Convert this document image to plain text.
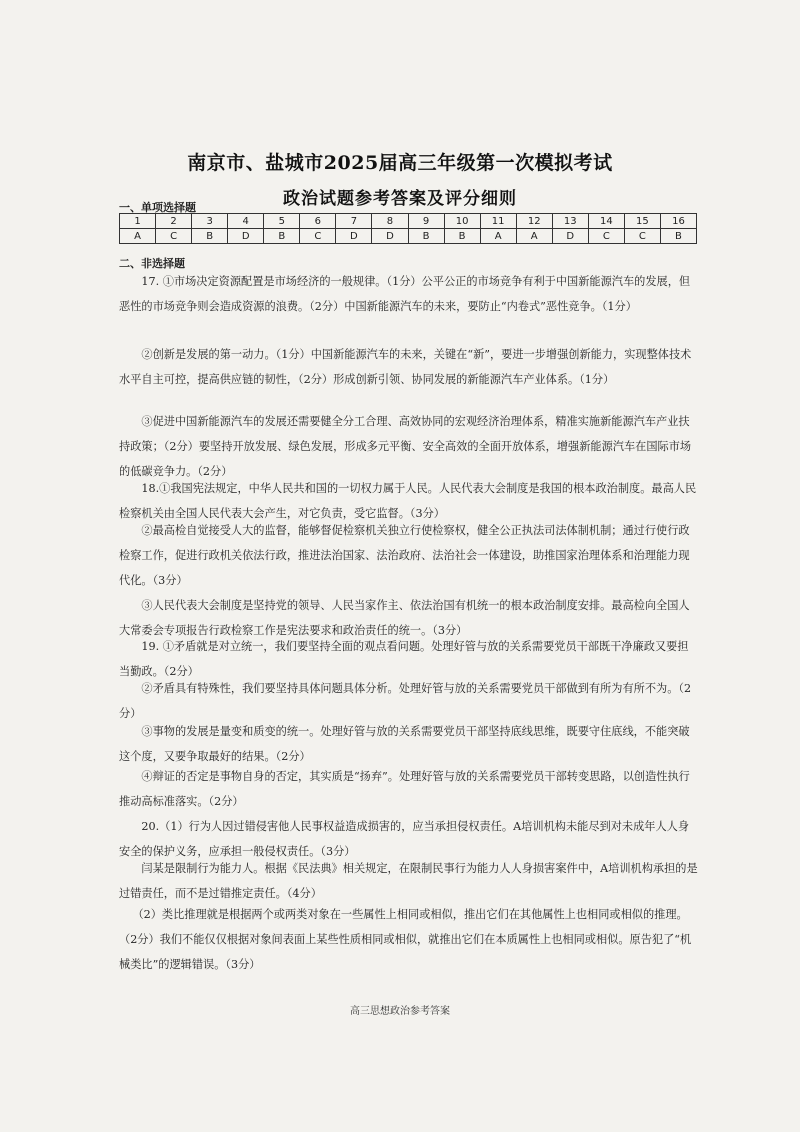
南京市、盐城市2025届高三年级第一次模拟考试
政治试题参考答案及评分细则
一、单项选择题
1	2	3	4	5	6	7	8	9	10	11	12	13	14	15	16
A	C	B	D	B	C	D	D	B	B	A	A	D	C	C	B
二、非选择题
17. ①市场决定资源配置是市场经济的一般规律。（1分）公平公正的市场竞争有利于中国新能源汽车的发展，但恶性的市场竞争则会造成资源的浪费。（2分）中国新能源汽车的未来，要防止“内卷式”恶性竞争。（1分）
②创新是发展的第一动力。（1分）中国新能源汽车的未来，关键在“新”，要进一步增强创新能力，实现整体技术水平自主可控，提高供应链的韧性，（2分）形成创新引领、协同发展的新能源汽车产业体系。（1分）
③促进中国新能源汽车的发展还需要健全分工合理、高效协同的宏观经济治理体系，精准实施新能源汽车产业扶持政策；（2分）要坚持开放发展、绿色发展，形成多元平衡、安全高效的全面开放体系，增强新能源汽车在国际市场的低碳竞争力。（2分）
18.①我国宪法规定，中华人民共和国的一切权力属于人民。人民代表大会制度是我国的根本政治制度。最高人民检察机关由全国人民代表大会产生，对它负责，受它监督。（3分）
②最高检自觉接受人大的监督，能够督促检察机关独立行使检察权，健全公正执法司法体制机制；通过行使行政检察工作，促进行政机关依法行政，推进法治国家、法治政府、法治社会一体建设，助推国家治理体系和治理能力现代化。（3分）
③人民代表大会制度是坚持党的领导、人民当家作主、依法治国有机统一的根本政治制度安排。最高检向全国人大常委会专项报告行政检察工作是宪法要求和政治责任的统一。（3分）
19. ①矛盾就是对立统一，我们要坚持全面的观点看问题。处理好管与放的关系需要党员干部既干净廉政又要担当勤政。（2分）
②矛盾具有特殊性，我们要坚持具体问题具体分析。处理好管与放的关系需要党员干部做到有所为有所不为。（2分）
③事物的发展是量变和质变的统一。处理好管与放的关系需要党员干部坚持底线思维，既要守住底线，不能突破这个度，又要争取最好的结果。（2分）
④辩证的否定是事物自身的否定，其实质是“扬弃”。处理好管与放的关系需要党员干部转变思路，以创造性执行推动高标准落实。（2分）
20.（1）行为人因过错侵害他人民事权益造成损害的，应当承担侵权责任。A培训机构未能尽到对未成年人人身安全的保护义务，应承担一般侵权责任。（3分）
闫某是限制行为能力人。根据《民法典》相关规定，在限制民事行为能力人人身损害案件中，A培训机构承担的是过错责任，而不是过错推定责任。（4分）
（2）类比推理就是根据两个或两类对象在一些属性上相同或相似，推出它们在其他属性上也相同或相似的推理。（2分）我们不能仅仅根据对象间表面上某些性质相同或相似，就推出它们在本质属性上也相同或相似。原告犯了“机械类比”的逻辑错误。（3分）
高三思想政治参考答案
